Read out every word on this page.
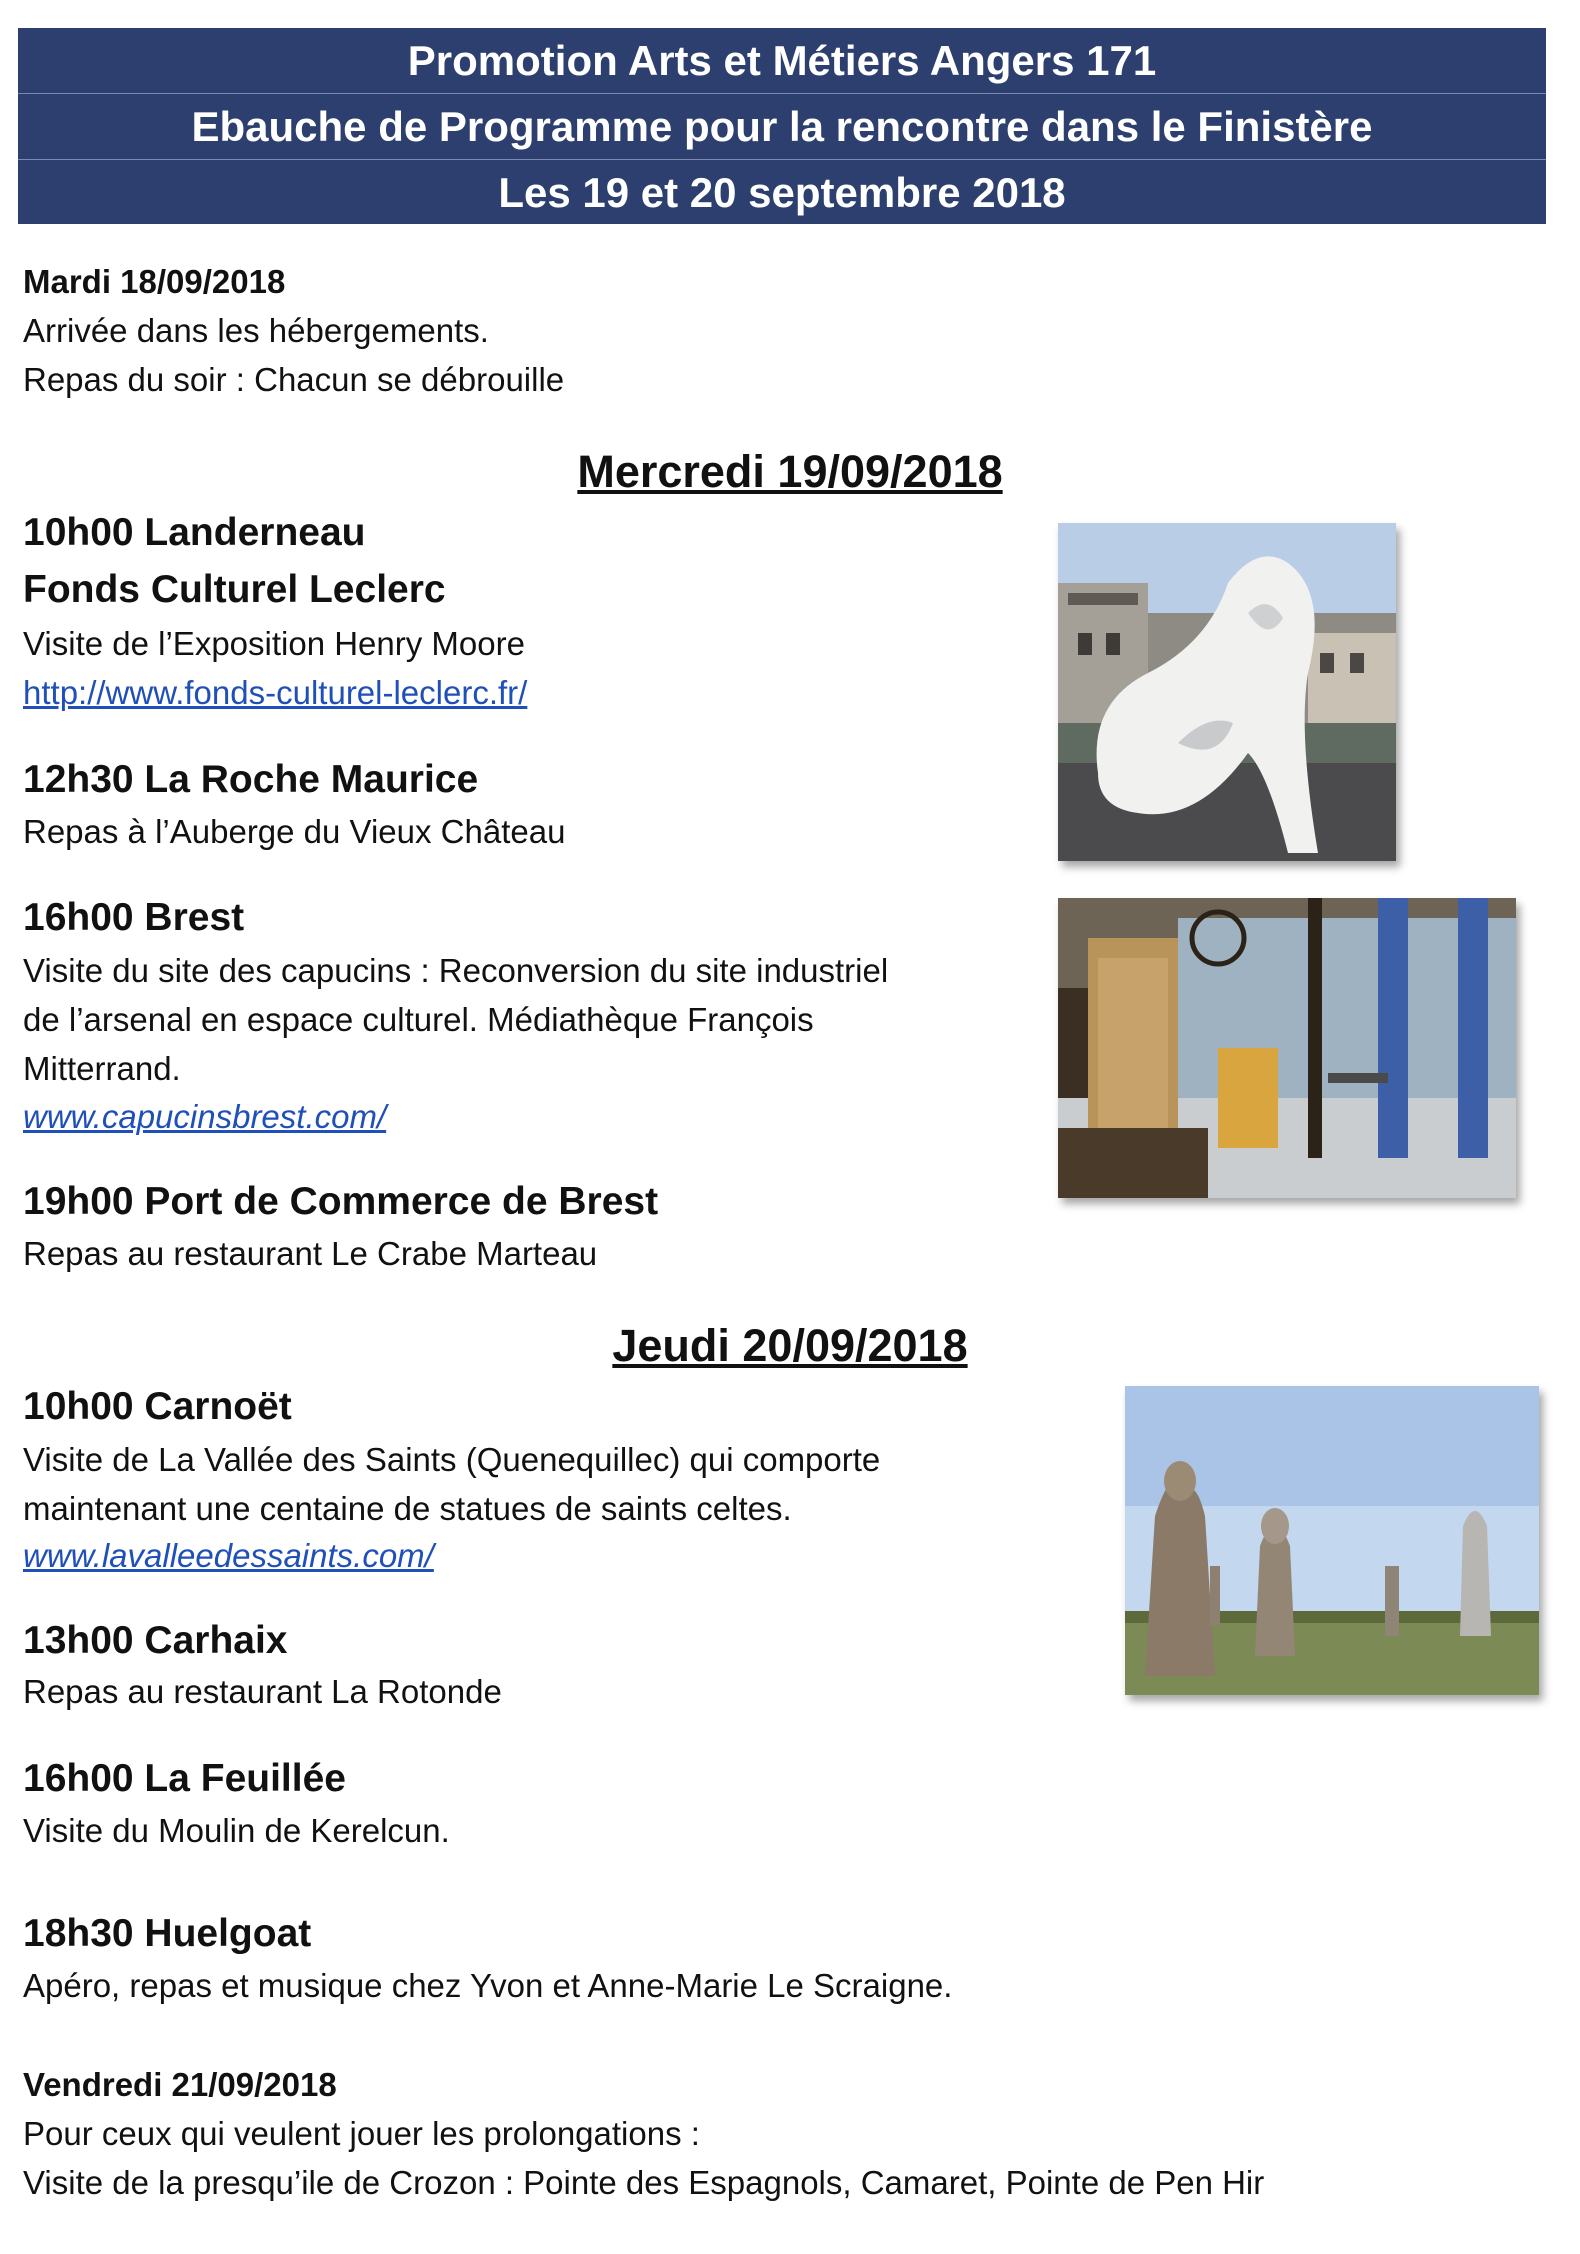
Promotion Arts et Métiers Angers 171
Ebauche de Programme pour la rencontre dans le Finistère
Les 19 et 20 septembre 2018
Mardi 18/09/2018
Arrivée dans les hébergements.
Repas du soir : Chacun se débrouille
Mercredi 19/09/2018
10h00 Landerneau
Fonds Culturel Leclerc
Visite de l’Exposition Henry Moore
http://www.fonds-culturel-leclerc.fr/
12h30 La Roche Maurice
Repas à l’Auberge du Vieux Château
16h00 Brest
Visite du site des capucins : Reconversion du site industriel
de l’arsenal en espace culturel. Médiathèque François
Mitterrand.
www.capucinsbrest.com/
19h00 Port de Commerce de Brest
Repas au restaurant Le Crabe Marteau
Jeudi 20/09/2018
10h00 Carnoët
Visite de La Vallée des Saints (Quenequillec) qui comporte
maintenant une centaine de statues de saints celtes.
www.lavalleedessaints.com/
13h00 Carhaix
Repas au restaurant La Rotonde
16h00 La Feuillée
Visite du Moulin de Kerelcun.
18h30 Huelgoat
Apéro, repas et musique chez Yvon et Anne-Marie Le Scraigne.
Vendredi 21/09/2018
Pour ceux qui veulent jouer les prolongations :
Visite de la presqu’ile de Crozon : Pointe des Espagnols, Camaret, Pointe de Pen Hir
